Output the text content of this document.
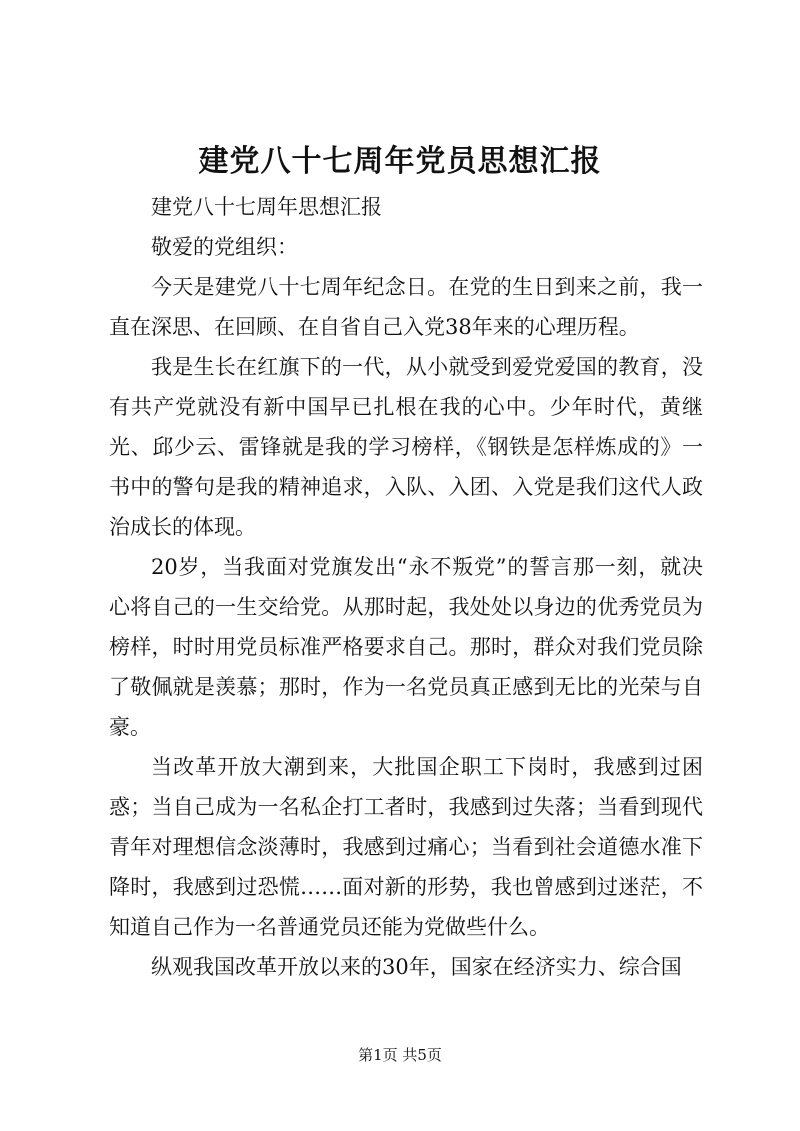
建党八十七周年党员思想汇报

建党八十七周年思想汇报

敬爱的党组织：

今天是建党八十七周年纪念日。在党的生日到来之前，我一直在深思、在回顾、在自省自己入党38年来的心理历程。

我是生长在红旗下的一代，从小就受到爱党爱国的教育，没有共产党就没有新中国早已扎根在我的心中。少年时代，黄继光、邱少云、雷锋就是我的学习榜样，《钢铁是怎样炼成的》一书中的警句是我的精神追求，入队、入团、入党是我们这代人政治成长的体现。

20岁，当我面对党旗发出“永不叛党”的誓言那一刻，就决心将自己的一生交给党。从那时起，我处处以身边的优秀党员为榜样，时时用党员标准严格要求自己。那时，群众对我们党员除了敬佩就是羡慕；那时，作为一名党员真正感到无比的光荣与自豪。

当改革开放大潮到来，大批国企职工下岗时，我感到过困惑；当自己成为一名私企打工者时，我感到过失落；当看到现代青年对理想信念淡薄时，我感到过痛心；当看到社会道德水准下降时，我感到过恐慌……面对新的形势，我也曾感到过迷茫，不知道自己作为一名普通党员还能为党做些什么。

纵观我国改革开放以来的30年，国家在经济实力、综合国

第1页 共5页
